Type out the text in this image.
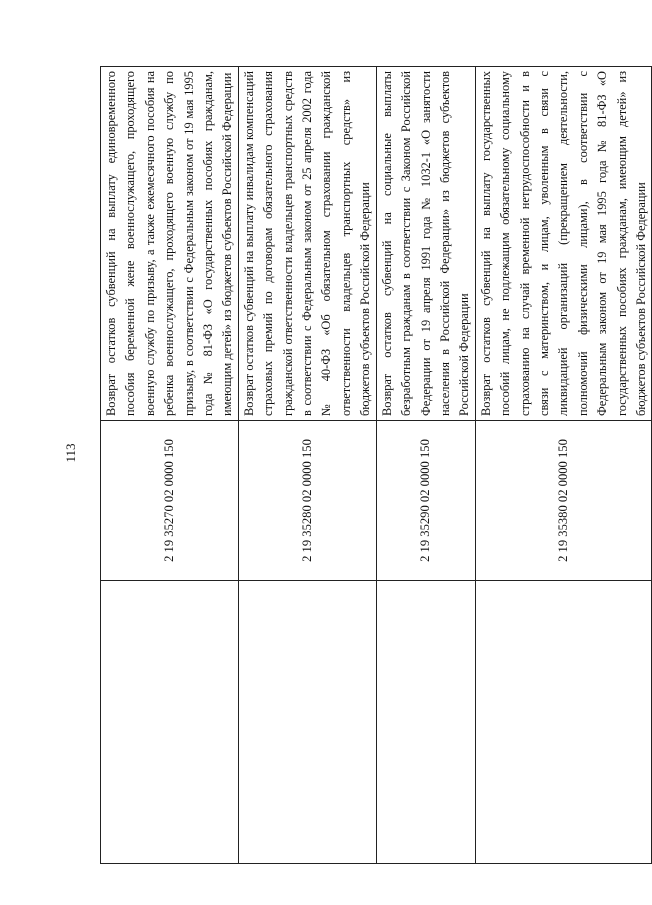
113
		2 19 35270 02 0000 150	Возврат остатков субвенций на выплату единовременного пособия беременной жене военнослужащего, проходящего военную службу по призыву, а также ежемесячного пособия на ребенка военнослужащего, проходящего военную службу по призыву, в соответствии с Федеральным законом от 19 мая 1995 года № 81-ФЗ «О государственных пособиях гражданам, имеющим детей» из бюджетов субъектов Российской Федерации
	2 19 35280 02 0000 150	Возврат остатков субвенций на выплату инвалидам компенсаций страховых премий по договорам обязательного страхования гражданской ответственности владельцев транспортных средств в соответствии с Федеральным законом от 25 апреля 2002 года № 40-ФЗ «Об обязательном страховании гражданской ответственности владельцев транспортных средств» из бюджетов субъектов Российской Федерации
	2 19 35290 02 0000 150	Возврат остатков субвенций на социальные выплаты безработным гражданам в соответствии с Законом Российской Федерации от 19 апреля 1991 года № 1032-1 «О занятости населения в Российской Федерации» из бюджетов субъектов Российской Федерации
	2 19 35380 02 0000 150	Возврат остатков субвенций на выплату государственных пособий лицам, не подлежащим обязательному социальному страхованию на случай временной нетрудоспособности и в связи с материнством, и лицам, уволенным в связи с ликвидацией организаций (прекращением деятельности, полномочий физическими лицами), в соответствии с Федеральным законом от 19 мая 1995 года № 81-ФЗ «О государственных пособиях гражданам, имеющим детей» из бюджетов субъектов Российской Федерации
